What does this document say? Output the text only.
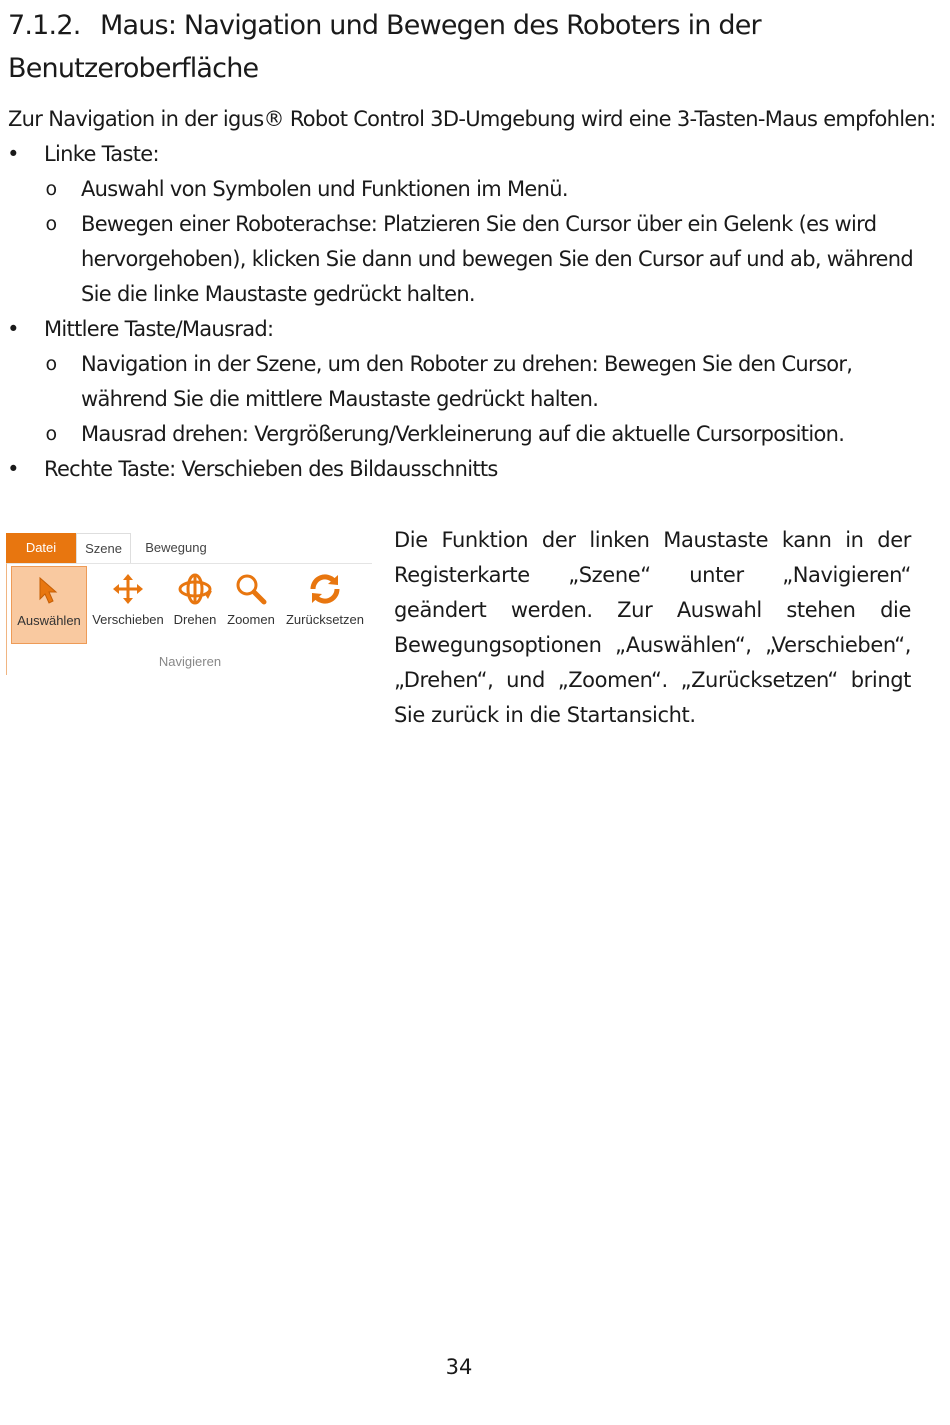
7.1.2. Maus: Navigation und Bewegen des Roboters in der Benutzeroberfläche

Zur Navigation in der igus® Robot Control 3D-Umgebung wird eine 3-Tasten-Maus empfohlen:

• Linke Taste:
o Auswahl von Symbolen und Funktionen im Menü.
o Bewegen einer Roboterachse: Platzieren Sie den Cursor über ein Gelenk (es wird hervorgehoben), klicken Sie dann und bewegen Sie den Cursor auf und ab, während Sie die linke Maustaste gedrückt halten.
• Mittlere Taste/Mausrad:
o Navigation in der Szene, um den Roboter zu drehen: Bewegen Sie den Cursor, während Sie die mittlere Maustaste gedrückt halten.
o Mausrad drehen: Vergrößerung/Verkleinerung auf die aktuelle Cursorposition.
• Rechte Taste: Verschieben des Bildausschnitts
Datei	Szene	Bewegung
Auswählen Verschieben Drehen Zoomen Zurücksetzen
Navigieren

Die Funktion der linken Maustaste kann in der Registerkarte „Szene“ unter „Navigieren“ geändert werden. Zur Auswahl stehen die Bewegungsoptionen „Auswählen“, „Verschieben“, „Drehen“, und „Zoomen“. „Zurücksetzen“ bringt Sie zurück in die Startansicht.

34
